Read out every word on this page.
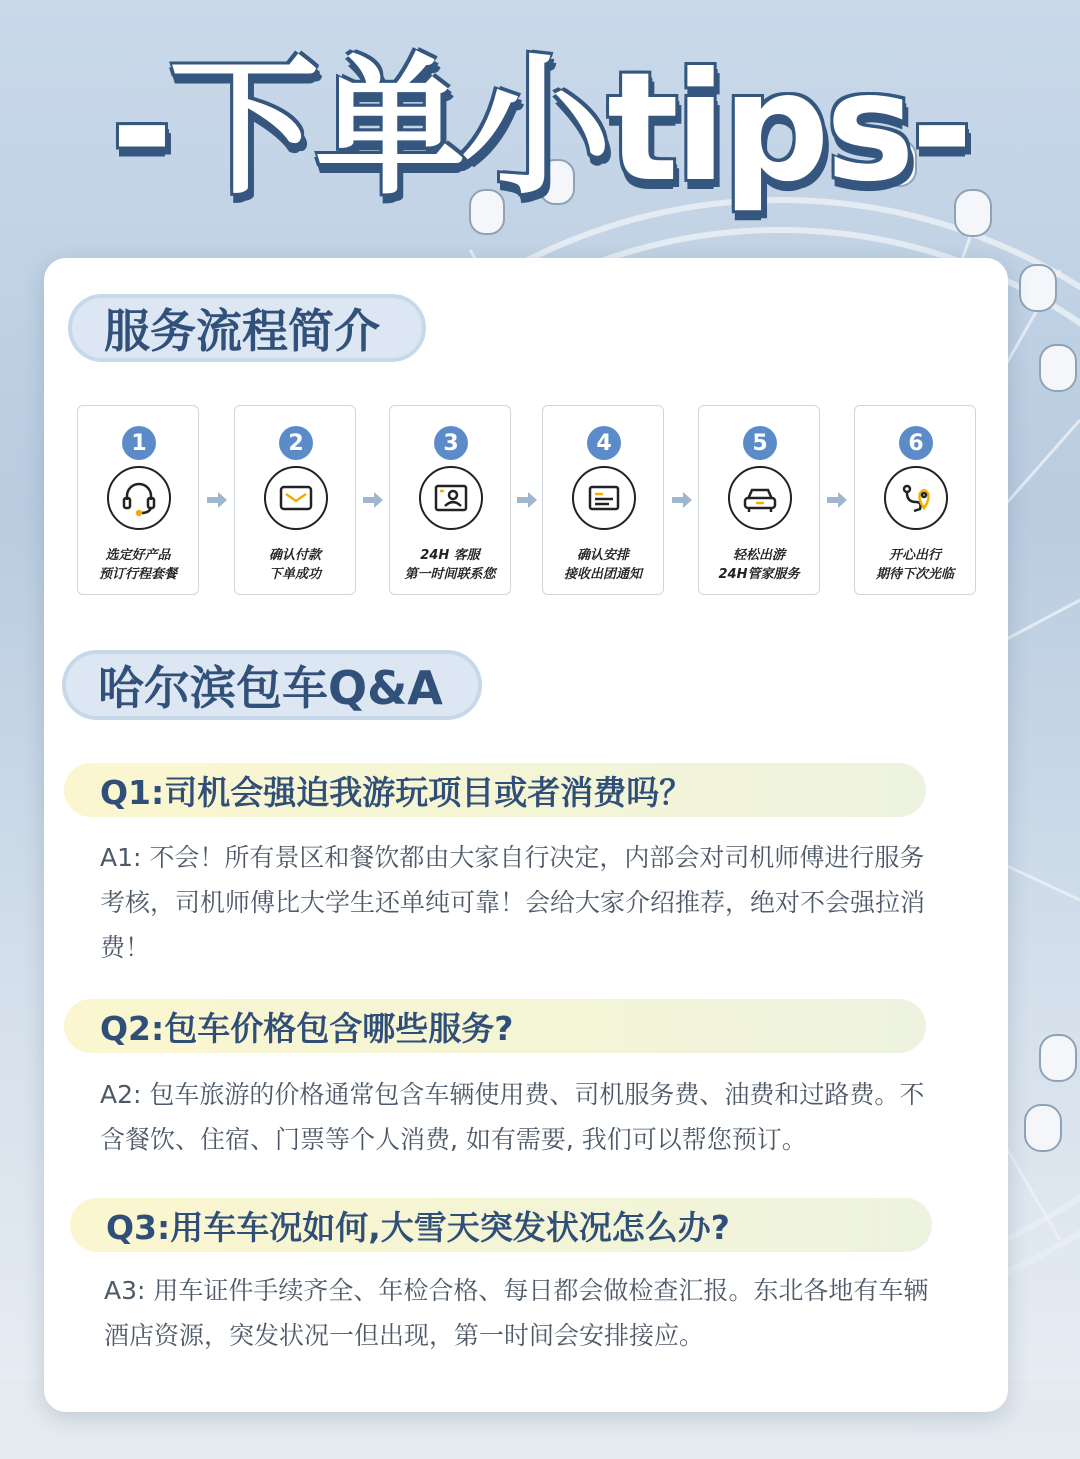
-下单小tips-
服务流程简介
1
选定好产品
预订行程套餐
2
确认付款
下单成功
3
24H 客服
第一时间联系您
4
确认安排
接收出团通知
5
轻松出游
24H管家服务
6
开心出行
期待下次光临
哈尔滨包车Q&A
Q1:司机会强迫我游玩项目或者消费吗？
A1: 不会！所有景区和餐饮都由大家自行决定，内部会对司机师傅进行服务考核，司机师傅比大学生还单纯可靠！会给大家介绍推荐，绝对不会强拉消费！
Q2:包车价格包含哪些服务?
A2: 包车旅游的价格通常包含车辆使用费、司机服务费、油费和过路费。不含餐饮、住宿、门票等个人消费, 如有需要, 我们可以帮您预订。
Q3:用车车况如何,大雪天突发状况怎么办?
A3: 用车证件手续齐全、年检合格、每日都会做检查汇报。东北各地有车辆酒店资源，突发状况一但出现，第一时间会安排接应。
